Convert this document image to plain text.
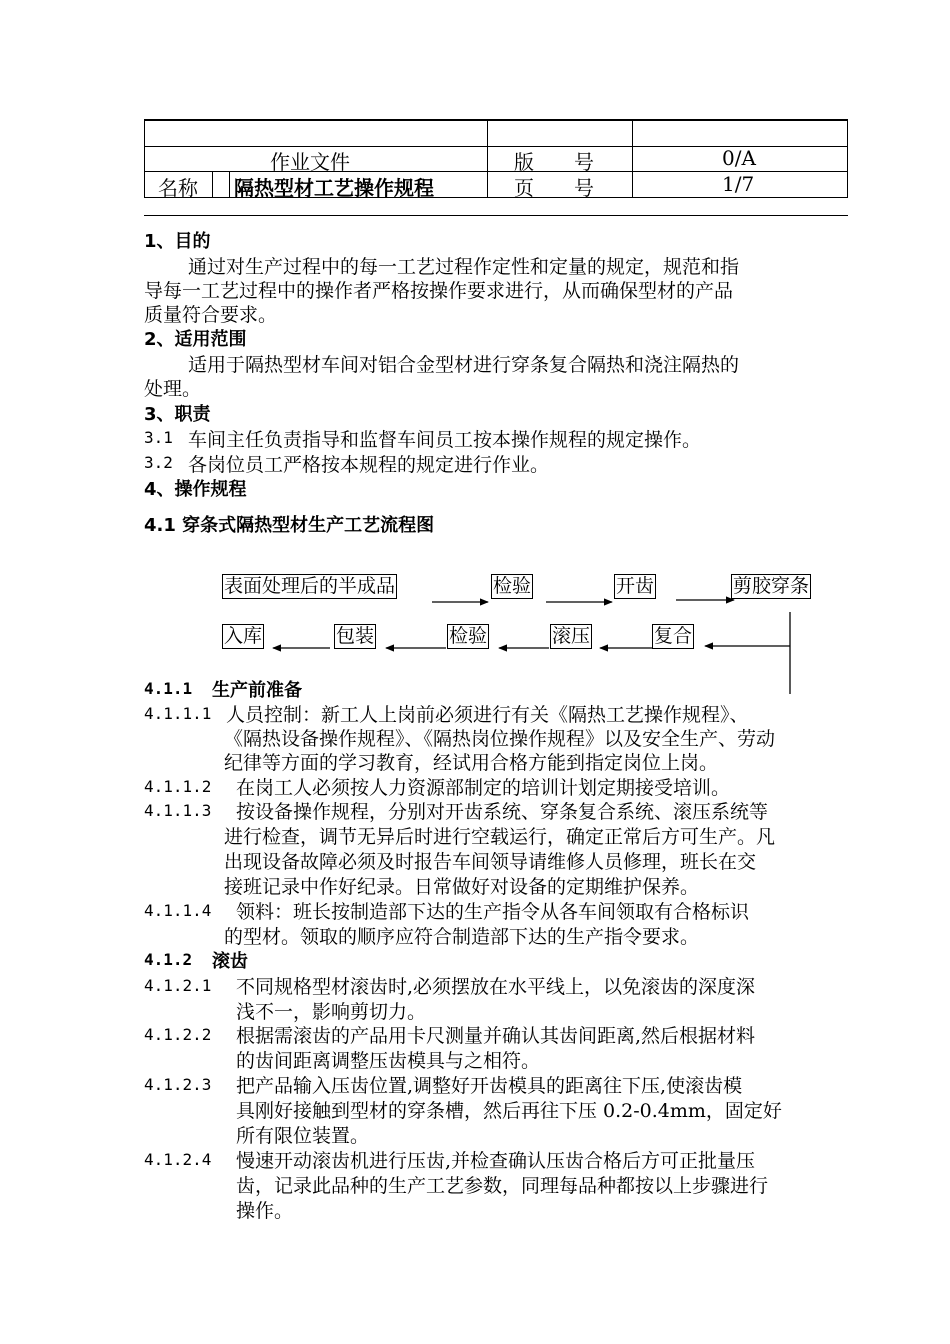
作业文件	版　　号	0/A
名称 隔热型材工艺操作规程	页　　号	1/7
1、目的
通过对生产过程中的每一工艺过程作定性和定量的规定，规范和指
导每一工艺过程中的操作者严格按操作要求进行，从而确保型材的产品
质量符合要求。
2、适用范围
适用于隔热型材车间对铝合金型材进行穿条复合隔热和浇注隔热的
处理。
3、职责
3.1 车间主任负责指导和监督车间员工按本操作规程的规定操作。
3.2 各岗位员工严格按本规程的规定进行作业。
4、操作规程
4.1 穿条式隔热型材生产工艺流程图
表面处理后的半成品	检验	开齿	剪胶穿条
入库	包装	检验	滚压	复合
4.1.1 生产前准备
4.1.1.1 人员控制：新工人上岗前必须进行有关《隔热工艺操作规程》、
《隔热设备操作规程》、《隔热岗位操作规程》以及安全生产、劳动
纪律等方面的学习教育，经试用合格方能到指定岗位上岗。
4.1.1.2 在岗工人必须按人力资源部制定的培训计划定期接受培训。
4.1.1.3 按设备操作规程，分别对开齿系统、穿条复合系统、滚压系统等
进行检查，调节无异后时进行空载运行，确定正常后方可生产。凡
出现设备故障必须及时报告车间领导请维修人员修理，班长在交
接班记录中作好纪录。日常做好对设备的定期维护保养。
4.1.1.4 领料：班长按制造部下达的生产指令从各车间领取有合格标识
的型材。领取的顺序应符合制造部下达的生产指令要求。
4.1.2 滚齿
4.1.2.1 不同规格型材滚齿时,必须摆放在水平线上，以免滚齿的深度深
浅不一，影响剪切力。
4.1.2.2 根据需滚齿的产品用卡尺测量并确认其齿间距离,然后根据材料
的齿间距离调整压齿模具与之相符。
4.1.2.3 把产品输入压齿位置,调整好开齿模具的距离往下压,使滚齿模
具刚好接触到型材的穿条槽，然后再往下压 0.2-0.4mm，固定好
所有限位装置。
4.1.2.4 慢速开动滚齿机进行压齿,并检查确认压齿合格后方可正批量压
齿，记录此品种的生产工艺参数，同理每品种都按以上步骤进行
操作。
